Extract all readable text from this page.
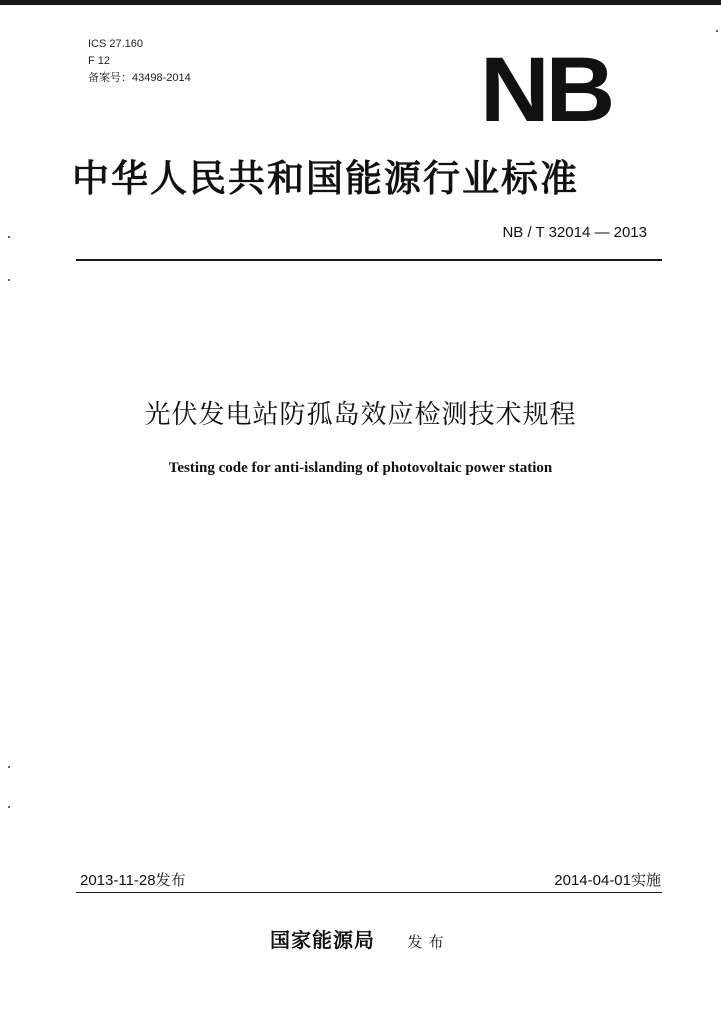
ICS 27.160
F 12
备案号：43498-2014	NB
中华人民共和国能源行业标准
NB / T 32014 — 2013
光伏发电站防孤岛效应检测技术规程
Testing code for anti-islanding of photovoltaic power station
2013-11-28发布	2014-04-01实施
国家能源局 发布
